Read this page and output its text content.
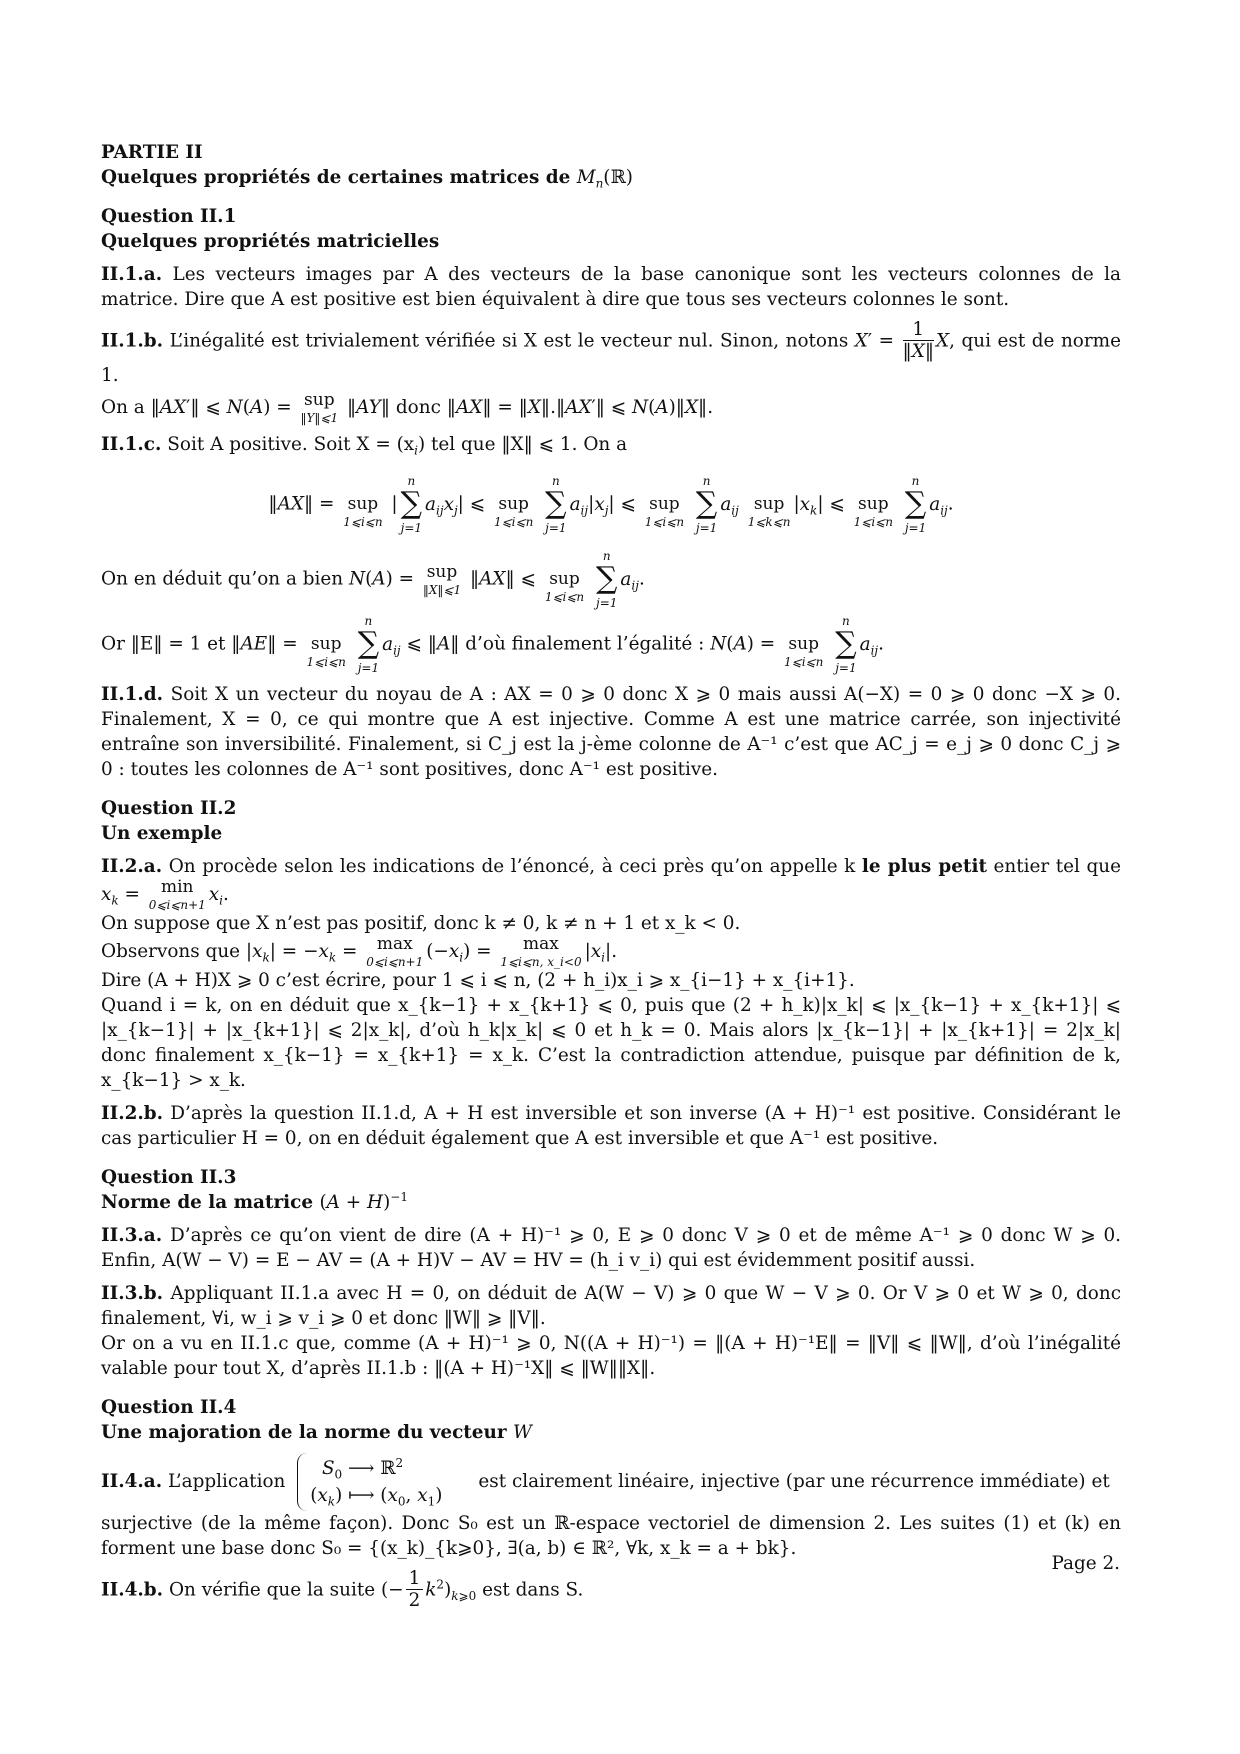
PARTIE II

Quelques propriétés de certaines matrices de $M_n(ℝ)$

Question II.1

Quelques propriétés matricielles

II.1.a. Les vecteurs images par A des vecteurs de la base canonique sont les vecteurs colonnes de la matrice. Dire que A est positive est bien équivalent à dire que tous ses vecteurs colonnes le sont.

II.1.b. L’inégalité est trivialement vérifiée si X est le vecteur nul. Sinon, notons $X' = \frac{1}{‖X‖} X$, qui est de norme 1.

On a ‖AX′‖ ⩽ N(A) = sup
‖Y‖⩽1 ‖AY‖ donc ‖AX‖ = ‖X‖.‖AX′‖ ⩽ N(A)‖X‖.

II.1.c. Soit A positive. Soit $X = (x_i)$ tel que ‖X‖ ⩽ 1. On a

‖AX‖ =
sup
1⩽i⩽n
|
n
∑
j=1
$a_{ij}x_j|$ ⩽
sup
1⩽i⩽n

n
∑
j=1
$a_{ij}|x_j|$ ⩽
sup
1⩽i⩽n

n
∑
j=1
$a_{ij}$
sup
1⩽k⩽n
$|x_k|$ ⩽
sup
1⩽i⩽n

n
∑
j=1
$a_{ij}$.

On en déduit qu’on a bien N(A) = sup
‖X‖⩽1 ‖AX‖ ⩽
sup
1⩽i⩽n

n
∑
j=1
$a_{ij}$.

Or ‖E‖ = 1 et ‖AE‖ =
sup
1⩽i⩽n

n
∑
j=1
$a_{ij}$ ⩽ ‖A‖ d’où finalement l’égalité : N(A) =
sup
1⩽i⩽n

n
∑
j=1
$a_{ij}$.

II.1.d. Soit X un vecteur du noyau de A : AX = 0 ⩾ 0 donc X ⩾ 0 mais aussi A(−X) = 0 ⩾ 0 donc −X ⩾ 0. Finalement, X = 0, ce qui montre que A est injective. Comme A est une matrice carrée, son injectivité entraîne son inversibilité. Finalement, si C_j est la j-ème colonne de A⁻¹ c’est que AC_j = e_j ⩾ 0 donc C_j ⩾ 0 : toutes les colonnes de A⁻¹ sont positives, donc A⁻¹ est positive.

Question II.2

Un exemple

II.2.a. On procède selon les indications de l’énoncé, à ceci près qu’on appelle k le plus petit entier tel que $x_k = \min$
0⩽i⩽n+1 $x_i$.

On suppose que X n’est pas positif, donc k ≠ 0, k ≠ n + 1 et x_k < 0.

Observons que $|x_k| = -x_k = \max$
0⩽i⩽n+1 $(-x_i)$ =	max
1⩽i⩽n, x_i<0 $|x_i|$.

Dire (A + H)X ⩾ 0 c’est écrire, pour 1 ⩽ i ⩽ n, (2 + h_i)x_i ⩾ x_{i−1} + x_{i+1}.

Quand i = k, on en déduit que x_{k−1} + x_{k+1} ⩽ 0, puis que (2 + h_k)|x_k| ⩽ |x_{k−1} + x_{k+1}| ⩽ |x_{k−1}| + |x_{k+1}| ⩽ 2|x_k|, d’où h_k|x_k| ⩽ 0 et h_k = 0. Mais alors |x_{k−1}| + |x_{k+1}| = 2|x_k| donc finalement x_{k−1} = x_{k+1} = x_k. C’est la contradiction attendue, puisque par définition de k, x_{k−1} > x_k.

II.2.b. D’après la question II.1.d, A + H est inversible et son inverse (A + H)⁻¹ est positive. Considérant le cas particulier H = 0, on en déduit également que A est inversible et que A⁻¹ est positive.

Question II.3

Norme de la matrice $(A + H)^{-1}$

II.3.a. D’après ce qu’on vient de dire (A + H)⁻¹ ⩾ 0, E ⩾ 0 donc V ⩾ 0 et de même A⁻¹ ⩾ 0 donc W ⩾ 0. Enfin, A(W − V) = E − AV = (A + H)V − AV = HV = (h_i v_i) qui est évidemment positif aussi.

II.3.b. Appliquant II.1.a avec H = 0, on déduit de A(W − V) ⩾ 0 que W − V ⩾ 0. Or V ⩾ 0 et W ⩾ 0, donc finalement, ∀i, w_i ⩾ v_i ⩾ 0 et donc ‖W‖ ⩾ ‖V‖.

Or on a vu en II.1.c que, comme (A + H)⁻¹ ⩾ 0, N((A + H)⁻¹) = ‖(A + H)⁻¹E‖ = ‖V‖ ⩽ ‖W‖, d’où l’inégalité valable pour tout X, d’après II.1.b : ‖(A + H)⁻¹X‖ ⩽ ‖W‖‖X‖.

Question II.4

Une majoration de la norme du vecteur W

II.4.a. L’application
$S_0$ ⟶ ℝ$^2$
$(x_k)$ ⟼ ($x_0$, $x_1$)
est clairement linéaire, injective (par une récurrence immédiate) et

surjective (de la même façon). Donc S₀ est un ℝ-espace vectoriel de dimension 2. Les suites (1) et (k) en forment une base donc S₀ = {(x_k)_{k⩾0}, ∃(a, b) ∈ ℝ², ∀k, x_k = a + bk}.

II.4.b. On vérifie que la suite (− $\frac{1}{2} k^2)_{k⩾0}$ est dans S.

Page 2.
